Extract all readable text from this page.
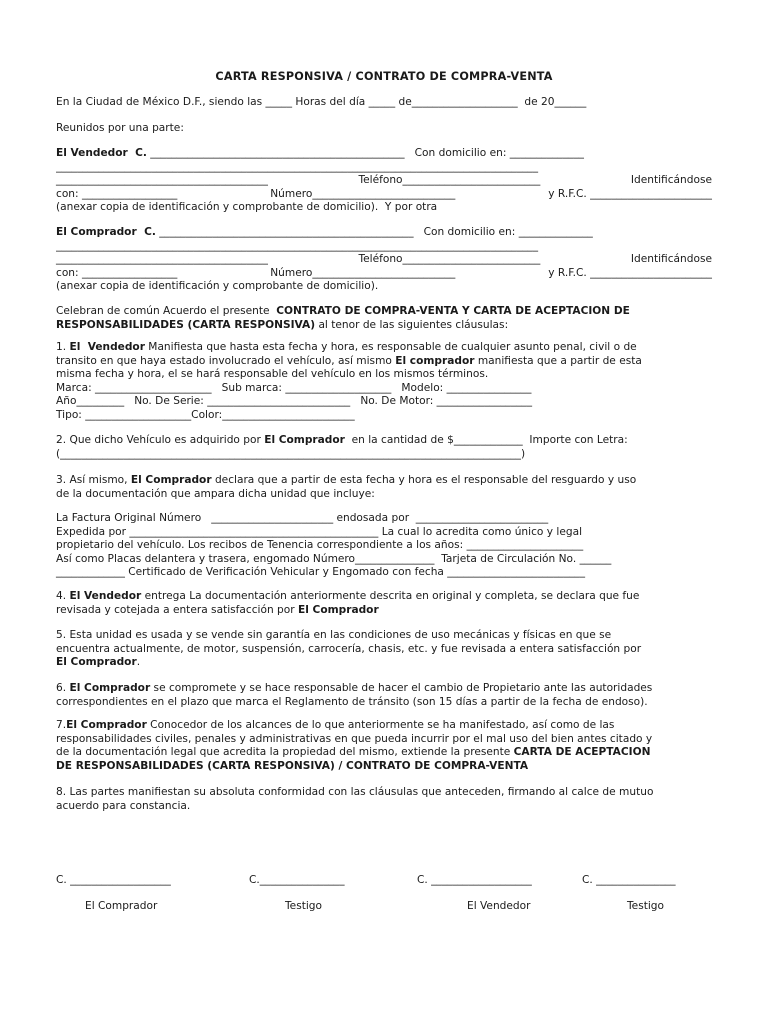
CARTA RESPONSIVA / CONTRATO DE COMPRA-VENTA
En la Ciudad de México D.F., siendo las _____ Horas del día _____ de____________________  de 20______
Reunidos por una parte:
El Vendedor  C. ________________________________________________   Con domicilio en: ______________
___________________________________________________________________________________________
________________________________________	Teléfono__________________________	Identificándose
con: __________________	Número___________________________	y R.F.C. _______________________
(anexar copia de identificación y comprobante de domicilio).  Y por otra
El Comprador  C. ________________________________________________   Con domicilio en: ______________
___________________________________________________________________________________________
________________________________________	Teléfono__________________________	Identificándose
con: __________________	Número___________________________	y R.F.C. _______________________
(anexar copia de identificación y comprobante de domicilio).
Celebran de común Acuerdo el presente  CONTRATO DE COMPRA-VENTA Y CARTA DE ACEPTACION DE
RESPONSABILIDADES (CARTA RESPONSIVA) al tenor de las siguientes cláusulas:
1. El  Vendedor Manifiesta que hasta esta fecha y hora, es responsable de cualquier asunto penal, civil o de
transito en que haya estado involucrado el vehículo, así mismo El comprador manifiesta que a partir de esta
misma fecha y hora, el se hará responsable del vehículo en los mismos términos.
Marca: ______________________   Sub marca: ____________________   Modelo: ________________
Año_________   No. De Serie: ___________________________   No. De Motor: __________________
Tipo: ____________________Color:_________________________
2. Que dicho Vehículo es adquirido por El Comprador  en la cantidad de $_____________  Importe con Letra:
(_______________________________________________________________________________________)
3. Así mismo, El Comprador declara que a partir de esta fecha y hora es el responsable del resguardo y uso
de la documentación que ampara dicha unidad que incluye:
La Factura Original Número   _______________________ endosada por  _________________________
Expedida por _______________________________________________ La cual lo acredita como único y legal
propietario del vehículo. Los recibos de Tenencia correspondiente a los años: ______________________
Así como Placas delantera y trasera, engomado Número_______________  Tarjeta de Circulación No. ______
_____________ Certificado de Verificación Vehicular y Engomado con fecha __________________________
4. El Vendedor entrega La documentación anteriormente descrita en original y completa, se declara que fue
revisada y cotejada a entera satisfacción por El Comprador
5. Esta unidad es usada y se vende sin garantía en las condiciones de uso mecánicas y físicas en que se
encuentra actualmente, de motor, suspensión, carrocería, chasis, etc. y fue revisada a entera satisfacción por
El Comprador.
6. El Comprador se compromete y se hace responsable de hacer el cambio de Propietario ante las autoridades
correspondientes en el plazo que marca el Reglamento de tránsito (son 15 días a partir de la fecha de endoso).
7.El Comprador Conocedor de los alcances de lo que anteriormente se ha manifestado, así como de las
responsabilidades civiles, penales y administrativas en que pueda incurrir por el mal uso del bien antes citado y
de la documentación legal que acredita la propiedad del mismo, extiende la presente CARTA DE ACEPTACION
DE RESPONSABILIDADES (CARTA RESPONSIVA) / CONTRATO DE COMPRA-VENTA
8. Las partes manifiestan su absoluta conformidad con las cláusulas que anteceden, firmando al calce de mutuo
acuerdo para constancia.
C. ___________________	C.________________	C. ___________________	C. _______________
El Comprador	Testigo	El Vendedor	Testigo
